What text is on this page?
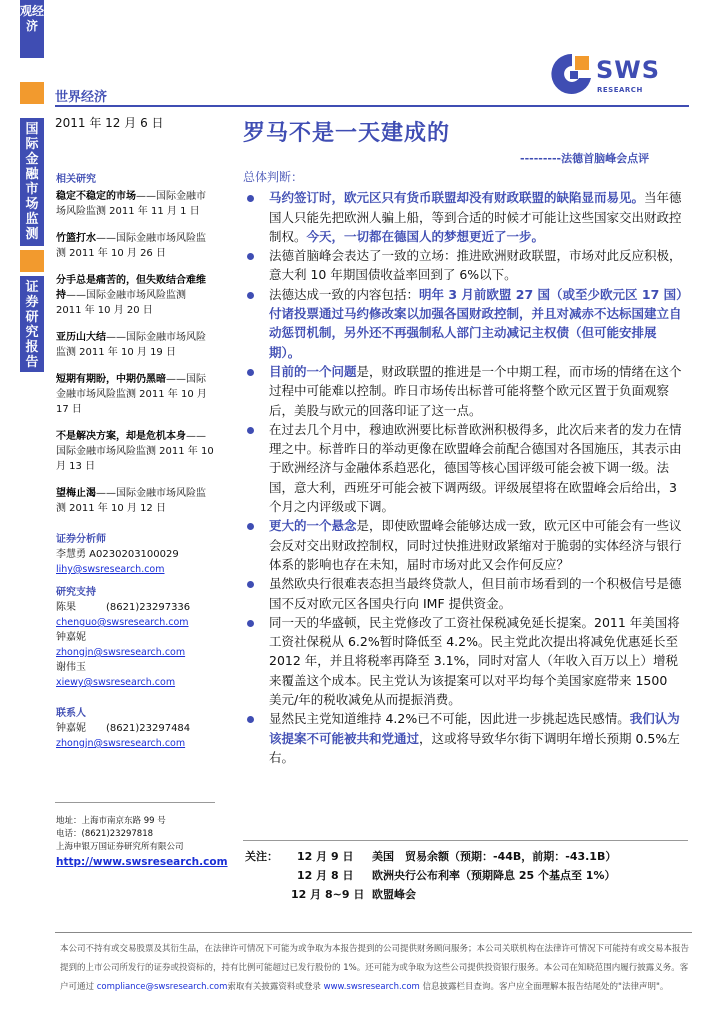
观经济
国际金融市场监测
证券研究报告
世界经济
2011 年 12 月 6 日	罗马不是一天建成的
---------法德首脑峰会点评
SWS
RESEARCH

相关研究

稳定不稳定的市场——国际金融市场风险监测 2011 年 11 月 1 日

竹篮打水——国际金融市场风险监测 2011 年 10 月 26 日

分手总是痛苦的，但失败结合难维持——国际金融市场风险监测 2011 年 10 月 20 日

亚历山大结——国际金融市场风险监测 2011 年 10 月 19 日

短期有期盼，中期仍黑暗——国际金融市场风险监测 2011 年 10 月 17 日

不是解决方案，却是危机本身——国际金融市场风险监测 2011 年 10 月 13 日

望梅止渴——国际金融市场风险监测 2011 年 10 月 12 日

证券分析师

李慧勇 A0230203100029

lihy@swsresearch.com

研究支持

陈果　　　	(8621)23297336

chenguo@swsresearch.com

钟嘉妮

zhongjn@swsresearch.com

谢伟玉

xiewy@swsresearch.com

联系人

钟嘉妮　　 (8621)23297484

zhongjn@swsresearch.com

地址：上海市南京东路 99 号

电话：(8621)23297818

上海申银万国证券研究所有限公司

http://www.swsresearch.com

总体判断：

马约签订时，欧元区只有货币联盟却没有财政联盟的缺陷显而易见。当年德国人只能先把欧洲人骗上船，等到合适的时候才可能让这些国家交出财政控制权。今天，一切都在德国人的梦想更近了一步。

法德首脑峰会表达了一致的立场：推进欧洲财政联盟，市场对此反应积极，意大利 10 年期国债收益率回到了 6%以下。

法德达成一致的内容包括：明年 3 月前欧盟 27 国（或至少欧元区 17 国）付诸投票通过马约修改案以加强各国财政控制，并且对减赤不达标国建立自动惩罚机制，另外还不再强制私人部门主动减记主权债（但可能安排展期）。

目前的一个问题是，财政联盟的推进是一个中期工程，而市场的情绪在这个过程中可能难以控制。昨日市场传出标普可能将整个欧元区置于负面观察后，美股与欧元的回落印证了这一点。

在过去几个月中，穆迪欧洲要比标普欧洲积极得多，此次后来者的发力在情理之中。标普昨日的举动更像在欧盟峰会前配合德国对各国施压，其表示由于欧洲经济与金融体系趋恶化，德国等核心国评级可能会被下调一级。法国，意大利，西班牙可能会被下调两级。评级展望将在欧盟峰会后给出，3 个月之内评级或下调。

更大的一个悬念是，即使欧盟峰会能够达成一致，欧元区中可能会有一些议会反对交出财政控制权，同时过快推进财政紧缩对于脆弱的实体经济与银行体系的影响也存在未知，届时市场对此又会作何反应？

虽然欧央行很难表态担当最终贷款人，但目前市场看到的一个积极信号是德国不反对欧元区各国央行向 IMF 提供资金。

同一天的华盛顿，民主党修改了工资社保税减免延长提案。2011 年美国将工资社保税从 6.2%暂时降低至 4.2%。民主党此次提出将减免优惠延长至 2012 年，并且将税率再降至 3.1%，同时对富人（年收入百万以上）增税来覆盖这个成本。民主党认为该提案可以对平均每个美国家庭带来 1500 美元/年的税收减免从而提振消费。

显然民主党知道维持 4.2%已不可能，因此进一步挑起选民感情。我们认为该提案不可能被共和党通过，这或将导致华尔街下调明年增长预期 0.5%左右。

关注： 12 月 9 日 美国　贸易余额（预期：-44B，前期：-43.1B）
12 月 8 日 欧洲央行公布利率（预期降息 25 个基点至 1%）
12 月 8~9 日 欧盟峰会
本公司不持有或交易股票及其衍生品，在法律许可情况下可能为或争取为本报告提到的公司提供财务顾问服务；本公司关联机构在法律许可情况下可能持有或交易本报告提到的上市公司所发行的证券或投资标的，持有比例可能超过已发行股份的 1%。还可能为或争取为这些公司提供投资银行服务。本公司在知晓范围内履行披露义务。客户可通过 compliance@swsresearch.com索取有关披露资料或登录 www.swsresearch.com 信息披露栏目查询。客户应全面理解本报告结尾处的"法律声明"。
